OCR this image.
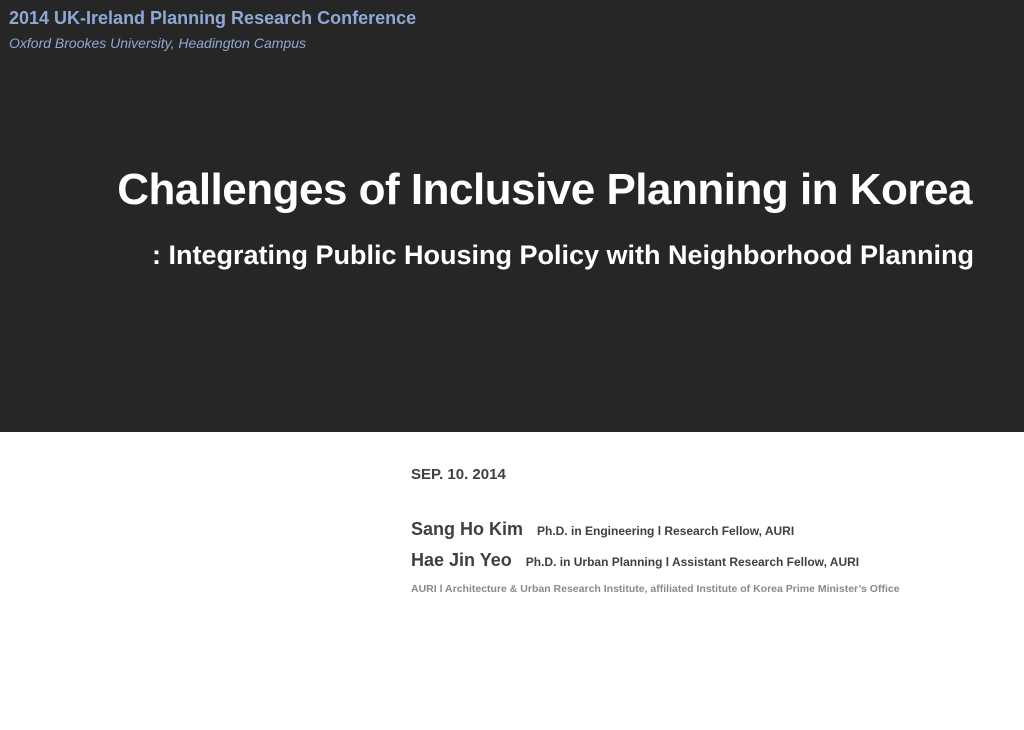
2014 UK-Ireland Planning Research Conference
Oxford Brookes University, Headington Campus
Challenges of Inclusive Planning in Korea
: Integrating Public Housing Policy with Neighborhood Planning
SEP. 10. 2014
Sang Ho Kim Ph.D. in Engineering l Research Fellow, AURI
Hae Jin Yeo Ph.D. in Urban Planning l Assistant Research Fellow, AURI
AURI l Architecture & Urban Research Institute, affiliated Institute of Korea Prime Minister’s Office
